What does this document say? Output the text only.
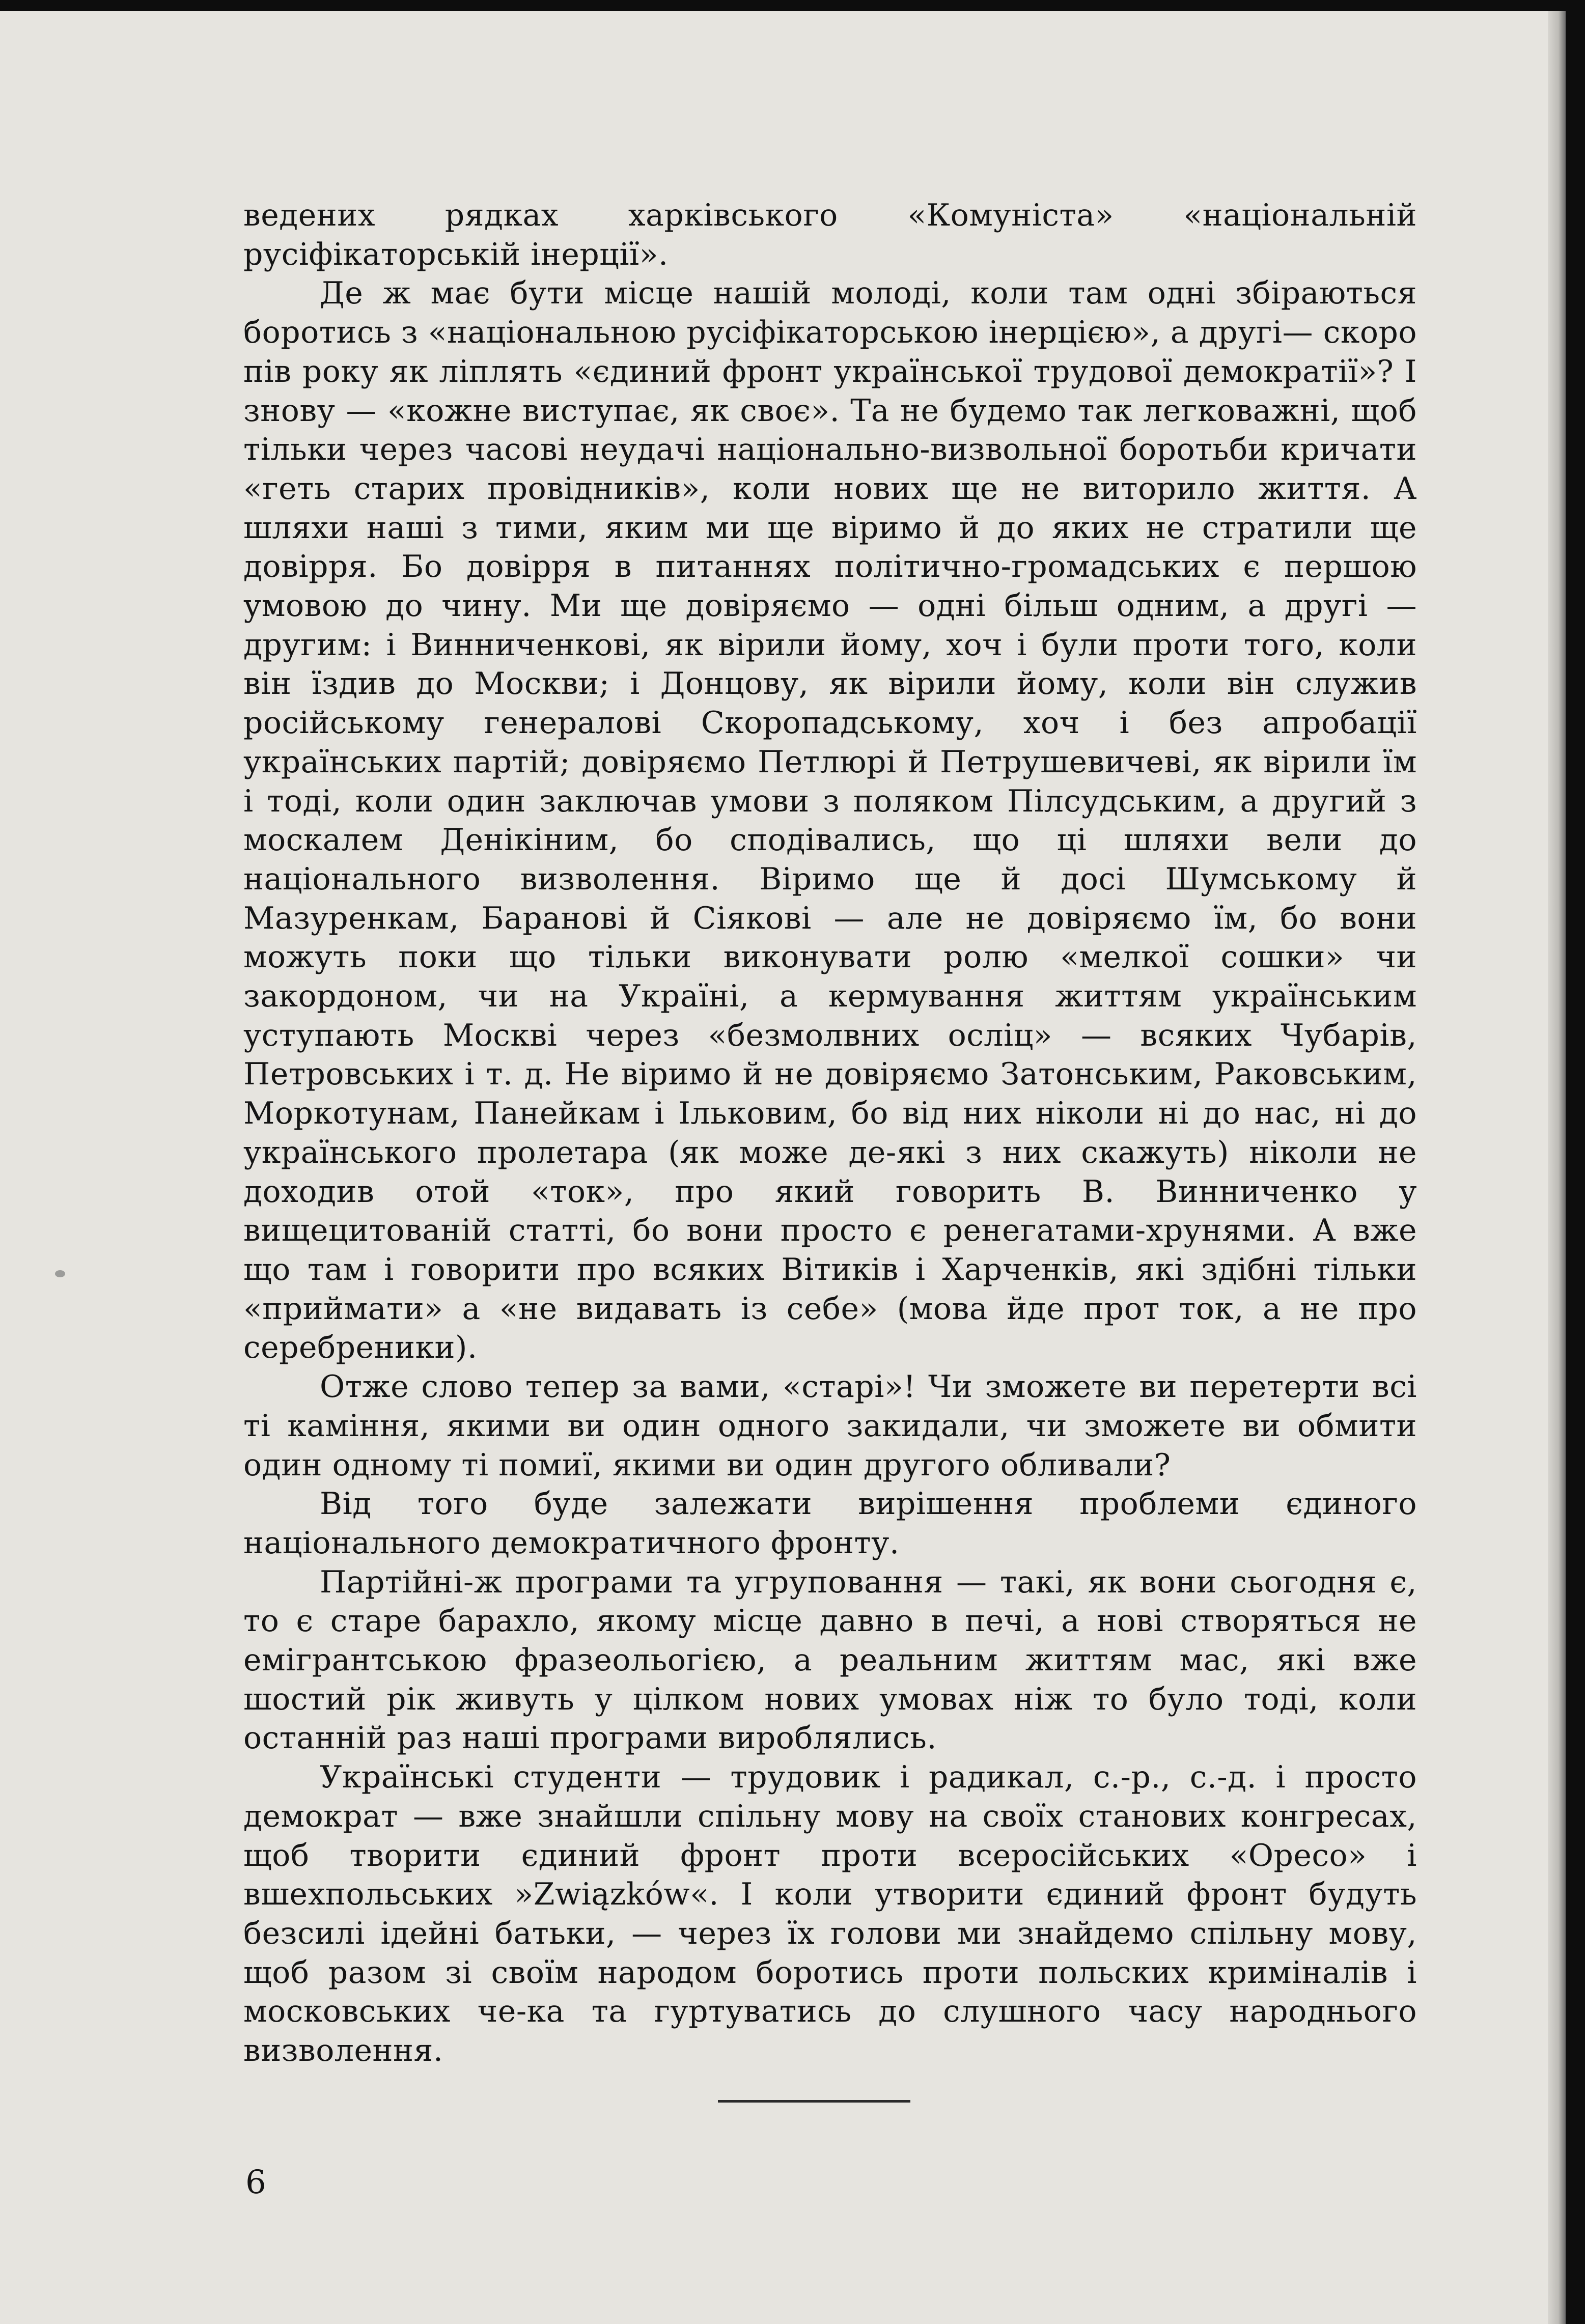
ведених рядках харківського «Комуніста» «національній русіфікаторській інерції».

Де ж має бути місце нашій молоді, коли там одні збіраються боротись з «національною русіфікаторською інерцією», а другі— скоро пів року як ліплять «єдиний фронт української трудової демократії»? І знову — «кожне виступає, як своє». Та не будемо так легковажні, щоб тільки через часові неудачі національно-визвольної боротьби кричати «геть старих провідників», коли нових ще не виторило життя. А шляхи наші з тими, яким ми ще віримо й до яких не стратили ще довірря. Бо довірря в питаннях політично-громадських є першою умовою до чину. Ми ще довіряємо — одні більш одним, а другі — другим: і Винниченкові, як вірили йому, хоч і були проти того, коли він їздив до Москви; і Донцову, як вірили йому, коли він служив російському генералові Скоропадському, хоч і без апробації українських партій; довіряємо Петлюрі й Петрушевичеві, як вірили їм і тоді, коли один заключав умови з поляком Пілсудським, а другий з москалем Денікіним, бо сподівались, що ці шляхи вели до національного визволення. Віримо ще й досі Шумському й Мазуренкам, Баранові й Сіякові — але не довіряємо їм, бо вони можуть поки що тільки виконувати ролю «мелкої сошки» чи закордоном, чи на Україні, а кермування життям українським уступають Москві через «безмолвних осліц» — всяких Чубарів, Петровських і т. д. Не віримо й не довіряємо Затонським, Раковським, Моркотунам, Панейкам і Ільковим, бо від них ніколи ні до нас, ні до українського пролетара (як може де-які з них скажуть) ніколи не доходив отой «ток», про який говорить В. Винниченко у вищецитованій статті, бо вони просто є ренегатами-хрунями. А вже що там і говорити про всяких Вітиків і Харченків, які здібні тільки «приймати» а «не видавать із себе» (мова йде прот ток, а не про серебреники).

Отже слово тепер за вами, «старі»! Чи зможете ви перетерти всі ті каміння, якими ви один одного закидали, чи зможете ви обмити один одному ті помиї, якими ви один другого обливали?

Від того буде залежати вирішення проблеми єдиного національного демократичного фронту.

Партійні-ж програми та угруповання — такі, як вони сьогодня є, то є старе барахло, якому місце давно в печі, а нові створяться не емігрантською фразеольогією, а реальним життям мас, які вже шостий рік живуть у цілком нових умовах ніж то було тоді, коли останній раз наші програми вироблялись.

Українські студенти — трудовик і радикал, с.-р., с.-д. і просто демократ — вже знайшли спільну мову на своїх станових конгресах, щоб творити єдиний фронт проти всеросійських «Оресо» і вшехпольських »Związków«. І коли утворити єдиний фронт будуть безсилі ідейні батьки, — через їх голови ми знайдемо спільну мову, щоб разом зі своїм народом боротись проти польских криміналів і московських че-ка та гуртуватись до слушного часу народнього визволення.

6
